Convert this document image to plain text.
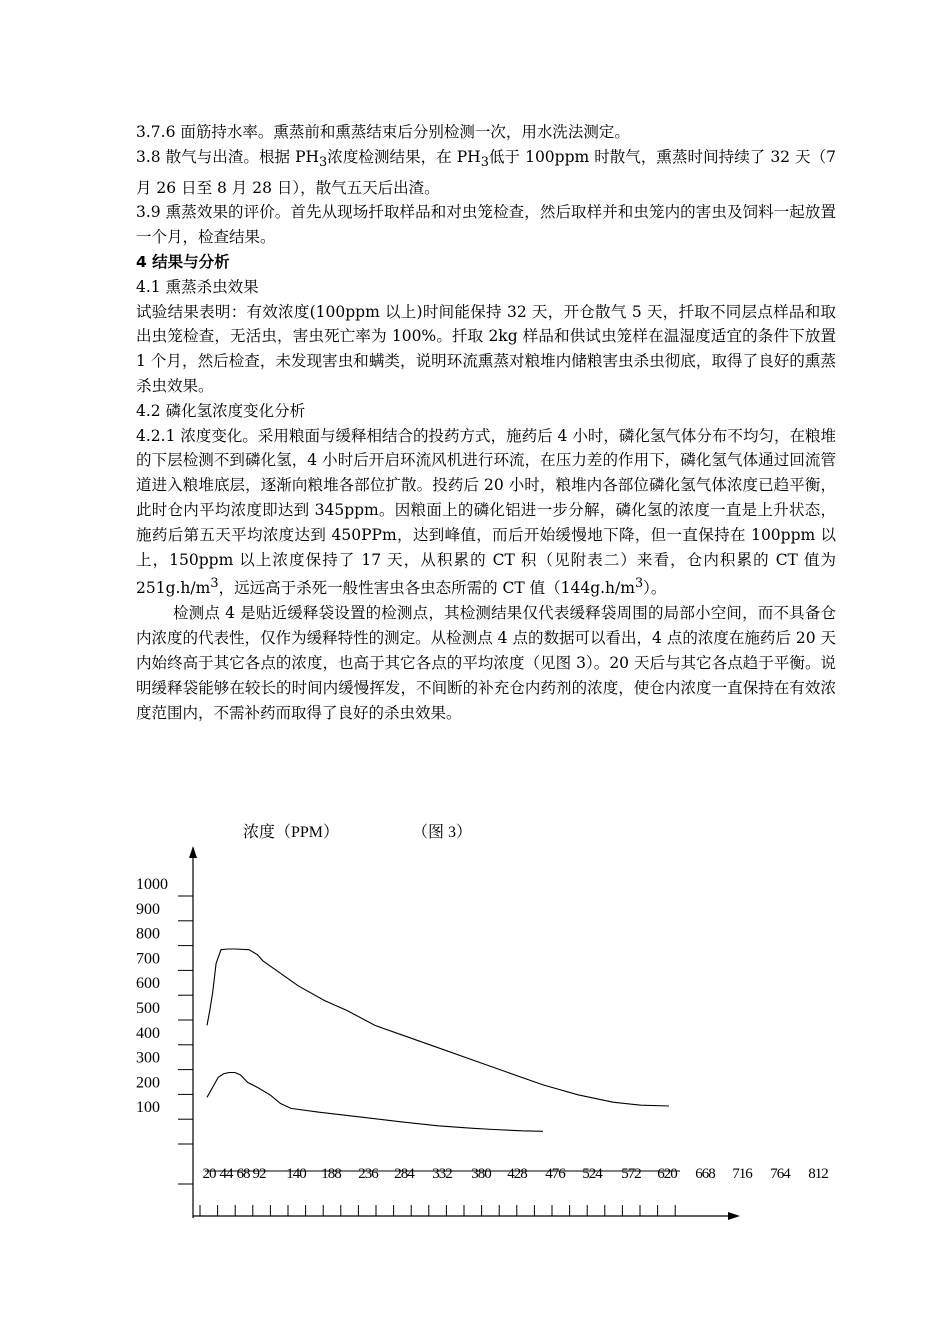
3.7.6 面筋持水率。熏蒸前和熏蒸结束后分别检测一次，用水洗法测定。

3.8 散气与出渣。根据 $PH_3$浓度检测结果，在 $PH_3$低于 100ppm 时散气，熏蒸时间持续了 32 天（7 月 26 日至 8 月 28 日），散气五天后出渣。

3.9 熏蒸效果的评价。首先从现场扦取样品和对虫笼检查，然后取样并和虫笼内的害虫及饲料一起放置一个月，检查结果。

4 结果与分析

4.1 熏蒸杀虫效果

试验结果表明：有效浓度(100ppm 以上)时间能保持 32 天，开仓散气 5 天，扦取不同层点样品和取出虫笼检查，无活虫，害虫死亡率为 100%。扦取 2kg 样品和供试虫笼样在温湿度适宜的条件下放置 1 个月，然后检查，未发现害虫和螨类，说明环流熏蒸对粮堆内储粮害虫杀虫彻底，取得了良好的熏蒸杀虫效果。

4.2 磷化氢浓度变化分析

4.2.1 浓度变化。采用粮面与缓释相结合的投药方式，施药后 4 小时，磷化氢气体分布不均匀，在粮堆的下层检测不到磷化氢，4 小时后开启环流风机进行环流，在压力差的作用下，磷化氢气体通过回流管道进入粮堆底层，逐渐向粮堆各部位扩散。投药后 20 小时，粮堆内各部位磷化氢气体浓度已趋平衡，此时仓内平均浓度即达到 345ppm。因粮面上的磷化铝进一步分解，磷化氢的浓度一直是上升状态，施药后第五天平均浓度达到 450PPm，达到峰值，而后开始缓慢地下降，但一直保持在 100ppm 以上，150ppm 以上浓度保持了 17 天，从积累的 CT 积（见附表二）来看，仓内积累的 CT 值为 $251g.h/m^3$，远远高于杀死一般性害虫各虫态所需的 CT 值$(144g.h/m^3)$。

检测点 4 是贴近缓释袋设置的检测点，其检测结果仅代表缓释袋周围的局部小空间，而不具备仓内浓度的代表性，仅作为缓释特性的测定。从检测点 4 点的数据可以看出，4 点的浓度在施药后 20 天内始终高于其它各点的浓度，也高于其它各点的平均浓度（见图 3）。20 天后与其它各点趋于平衡。说明缓释袋能够在较长的时间内缓慢挥发，不间断的补充仓内药剂的浓度，使仓内浓度一直保持在有效浓度范围内，不需补药而取得了良好的杀虫效果。

浓度（PPM）	（图 3）
1000
900
800
700
600
500
400
300
200
100
20 44 68 92 140 188 236 284 332 380 428 476 524 572 620 668 716 764 812
